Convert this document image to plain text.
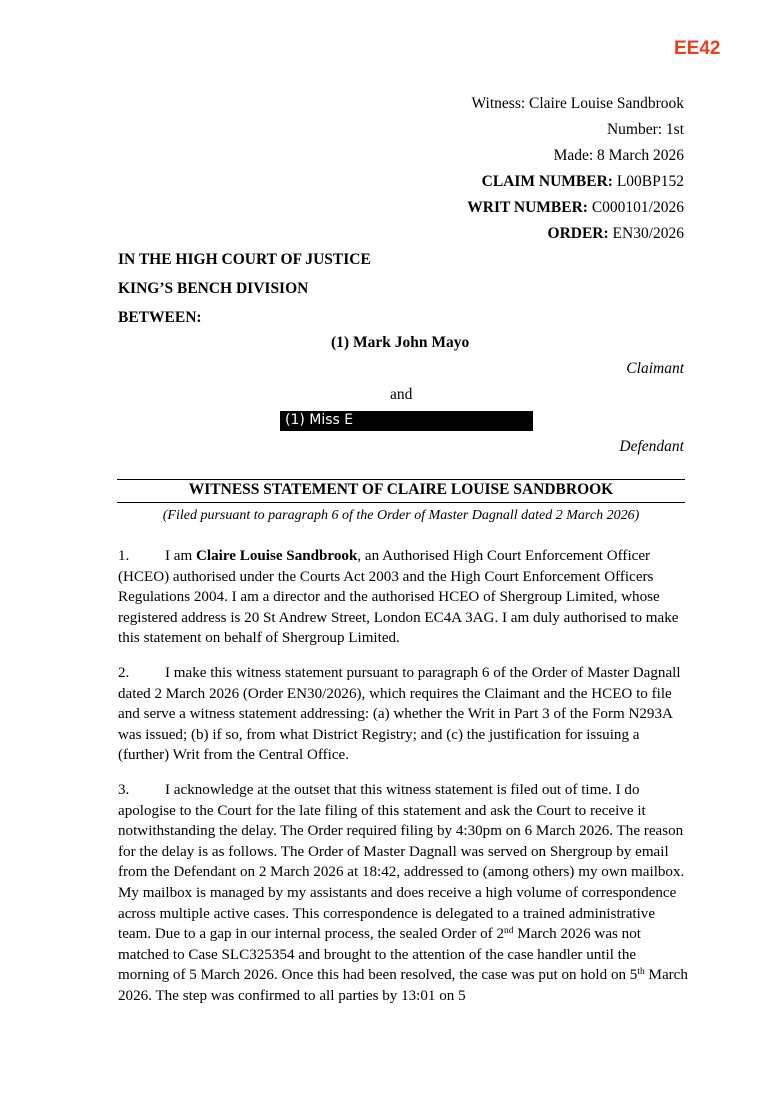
EE42
Witness: Claire Louise Sandbrook
Number: 1st
Made: 8 March 2026
CLAIM NUMBER: L00BP152
WRIT NUMBER: C000101/2026
ORDER: EN30/2026
IN THE HIGH COURT OF JUSTICE
KING’S BENCH DIVISION
BETWEEN:
(1) Mark John Mayo
Claimant
and
(1) Miss E
Defendant
WITNESS STATEMENT OF CLAIRE LOUISE SANDBROOK
(Filed pursuant to paragraph 6 of the Order of Master Dagnall dated 2 March 2026)

1. I am Claire Louise Sandbrook, an Authorised High Court Enforcement Officer (HCEO) authorised under the Courts Act 2003 and the High Court Enforcement Officers Regulations 2004. I am a director and the authorised HCEO of Shergroup Limited, whose registered address is 20 St Andrew Street, London EC4A 3AG. I am duly authorised to make this statement on behalf of Shergroup Limited.

2. I make this witness statement pursuant to paragraph 6 of the Order of Master Dagnall dated 2 March 2026 (Order EN30/2026), which requires the Claimant and the HCEO to file and serve a witness statement addressing: (a) whether the Writ in Part 3 of the Form N293A was issued; (b) if so, from what District Registry; and (c) the justification for issuing a (further) Writ from the Central Office.

3. I acknowledge at the outset that this witness statement is filed out of time. I do apologise to the Court for the late filing of this statement and ask the Court to receive it notwithstanding the delay. The Order required filing by 4:30pm on 6 March 2026. The reason for the delay is as follows. The Order of Master Dagnall was served on Shergroup by email from the Defendant on 2 March 2026 at 18:42, addressed to (among others) my own mailbox. My mailbox is managed by my assistants and does receive a high volume of correspondence across multiple active cases. This correspondence is delegated to a trained administrative team. Due to a gap in our internal process, the sealed Order of 2nd March 2026 was not matched to Case SLC325354 and brought to the attention of the case handler until the morning of 5 March 2026. Once this had been resolved, the case was put on hold on 5th March 2026. The step was confirmed to all parties by 13:01 on 5
